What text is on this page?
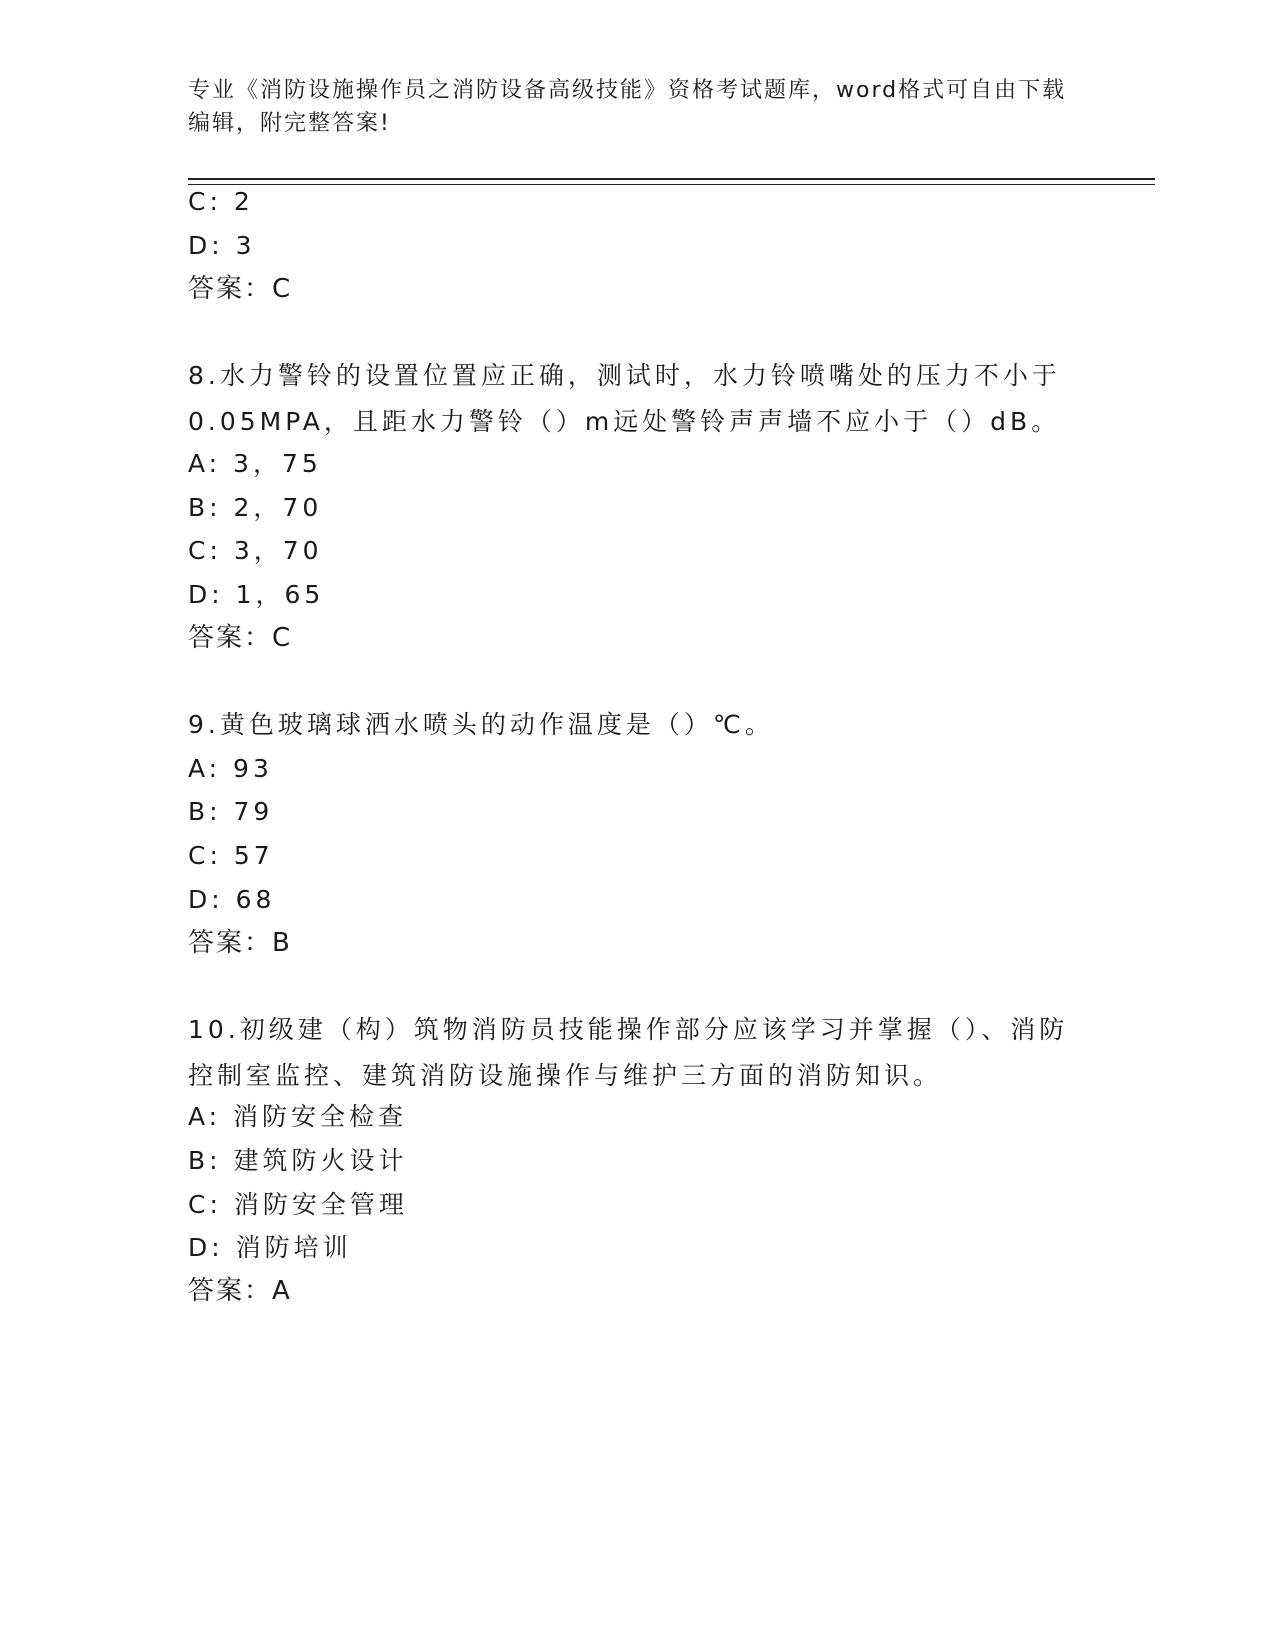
专业《消防设施操作员之消防设备高级技能》资格考试题库，word格式可自由下载编辑，附完整答案!
C: 2
D: 3
答案：C
8.水力警铃的设置位置应正确，测试时，水力铃喷嘴处的压力不小于0.05MPA，且距水力警铃（）m远处警铃声声墙不应小于（）dB。
A: 3，75
B: 2，70
C: 3，70
D: 1，65
答案：C
9.黄色玻璃球洒水喷头的动作温度是（）℃。
A: 93
B: 79
C: 57
D: 68
答案：B
10.初级建（构）筑物消防员技能操作部分应该学习并掌握（）、消防控制室监控、建筑消防设施操作与维护三方面的消防知识。
A: 消防安全检查
B: 建筑防火设计
C: 消防安全管理
D: 消防培训
答案：A
